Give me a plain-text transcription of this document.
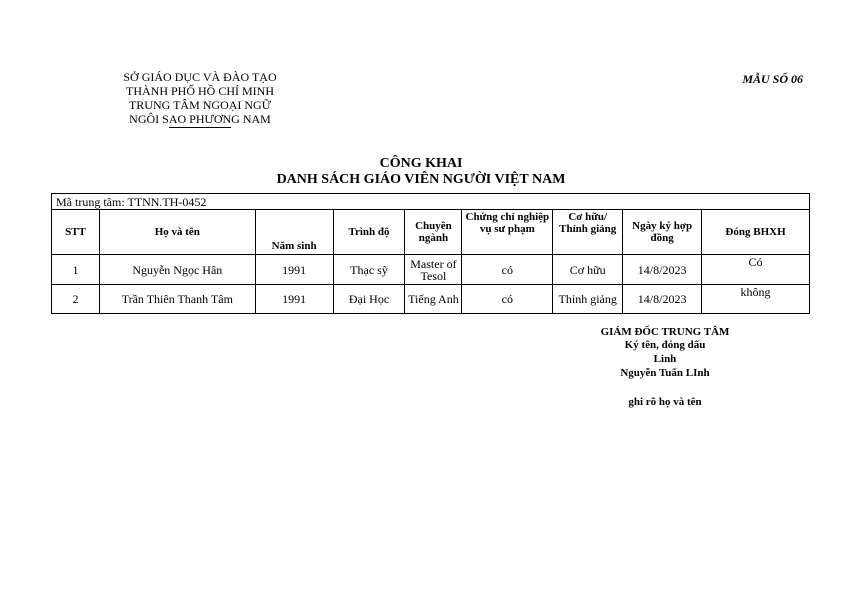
SỞ GIÁO DỤC VÀ ĐÀO TẠO
THÀNH PHỐ HỒ CHÍ MINH
TRUNG TÂM NGOẠI NGỮ
NGÔI SAO PHƯƠNG NAM
MẪU SỐ 06
CÔNG KHAI
DANH SÁCH GIÁO VIÊN NGƯỜI VIỆT NAM
Mã trung tâm: TTNN.TH-0452								
STT	Họ và tên	Năm sinh	Trình độ	Chuyên ngành	Chứng chỉ nghiệp vụ sư phạm	Cơ hữu/ Thỉnh giảng	Ngày ký hợp đồng	Đóng BHXH
1	Nguyễn Ngọc Hân	1991	Thạc sỹ	Master of Tesol	có	Cơ hữu	14/8/2023	Có
2	Trần Thiên Thanh Tâm	1991	Đại Học	Tiếng Anh	có	Thỉnh giảng	14/8/2023	không
GIÁM ĐỐC TRUNG TÂM
Ký tên, đóng dấu
Linh
Nguyễn Tuấn LInh
ghi rõ họ và tên
